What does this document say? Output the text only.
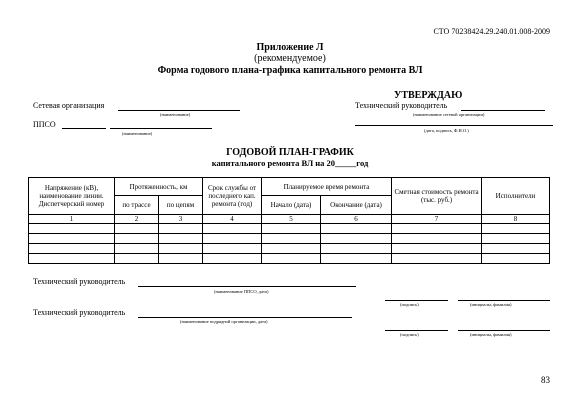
СТО 70238424.29.240.01.008-2009
Приложение Л
(рекомендуемое)
Форма годового плана-графика капитального ремонта ВЛ
УТВЕРЖДАЮ
Сетевая организация
(наименование)
Технический руководитель
(наименование сетевой организации)
ППСО
(наименование)
(дата, подпись, Ф.И.О.)
ГОДОВОЙ ПЛАН-ГРАФИК
капитального ремонта ВЛ на 20_____год
Напряжение (кВ), наименование линии. Диспетчерский номер	Протяженность, км		Срок службы от последнего кап. ремонта (год)	Планируемое время ремонта		Сметная стоимость ремонта (тыс. руб.)	Исполнители
	по трассе	по цепям		Начало (дата)	Окончание (дата)		
1	2	3	4	5	6	7	8

Технический руководитель
(наименование ППСО, дата)
(подпись)	(инициалы, фамилия)
Технический руководитель
(наименование подрядной организации, дата)
(подпись)	(инициалы, фамилия)
83
